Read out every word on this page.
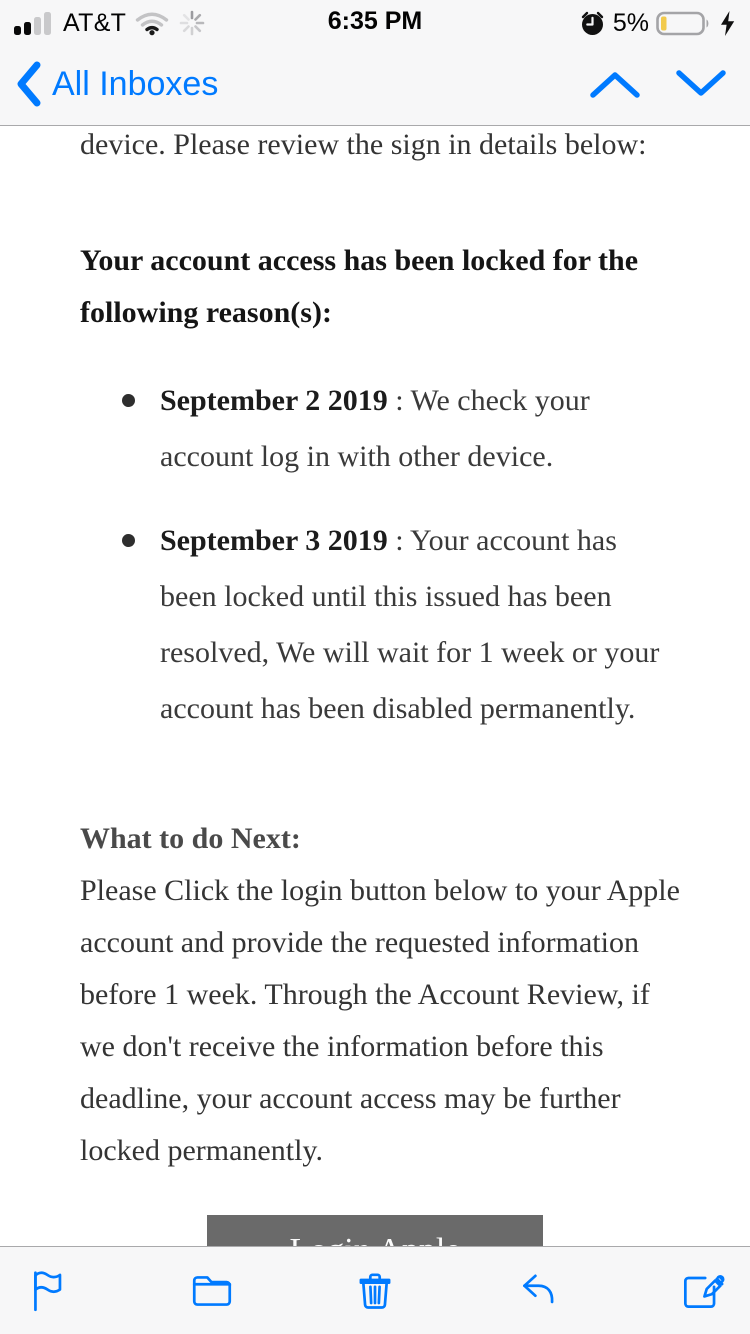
AT&T	6:35 PM	5%
All Inboxes

device. Please review the sign in details below:

Your account access has been locked for the following reason(s):

September 2 2019 : We check your account log in with other device.
September 3 2019 : Your account has been locked until this issued has been resolved, We will wait for 1 week or your account has been disabled permanently.

What to do Next:

Please Click the login button below to your Apple account and provide the requested information before 1 week. Through the Account Review, if we don't receive the information before this deadline, your account access may be further locked permanently.
